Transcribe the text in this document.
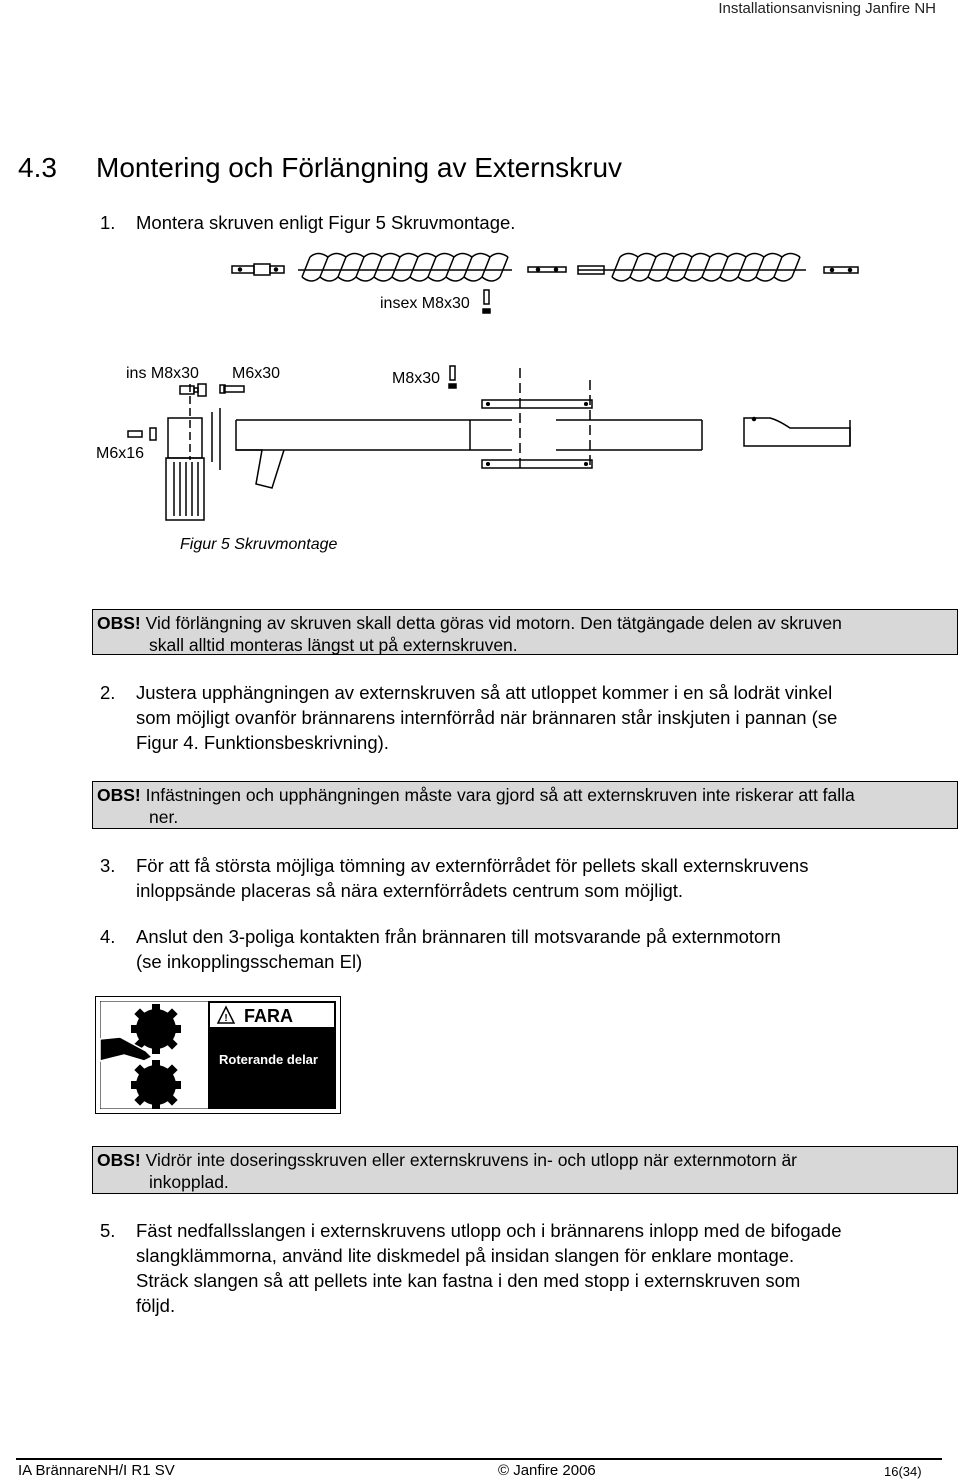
Installationsanvisning Janfire NH
4.3 Montering och Förlängning av Externskruv
1. Montera skruven enligt Figur 5 Skruvmontage.
insex M8x30
ins M8x30 M6x30	M8x30
M6x16
Figur 5 Skruvmontage
OBS! Vid förlängning av skruven skall detta göras vid motorn. Den tätgängade delen av skruven
skall alltid monteras längst ut på externskruven.
2. Justera upphängningen av externskruven så att utloppet kommer i en så lodrät vinkel
som möjligt ovanför brännarens internförråd när brännaren står inskjuten i pannan (se
Figur 4. Funktionsbeskrivning).
OBS! Infästningen och upphängningen måste vara gjord så att externskruven inte riskerar att falla
ner.
3. För att få största möjliga tömning av externförrådet för pellets skall externskruvens
inloppsände placeras så nära externförrådets centrum som möjligt.
4. Anslut den 3-poliga kontakten från brännaren till motsvarande på externmotorn
(se inkopplingsscheman El)
! FARA
Roterande delar
OBS! Vidrör inte doseringsskruven eller externskruvens in- och utlopp när externmotorn är
inkopplad.
5. Fäst nedfallsslangen i externskruvens utlopp och i brännarens inlopp med de bifogade
slangklämmorna, använd lite diskmedel på insidan slangen för enklare montage.
Sträck slangen så att pellets inte kan fastna i den med stopp i externskruven som
följd.
IA BrännareNH/I R1 SV	© Janfire 2006	16(34)
